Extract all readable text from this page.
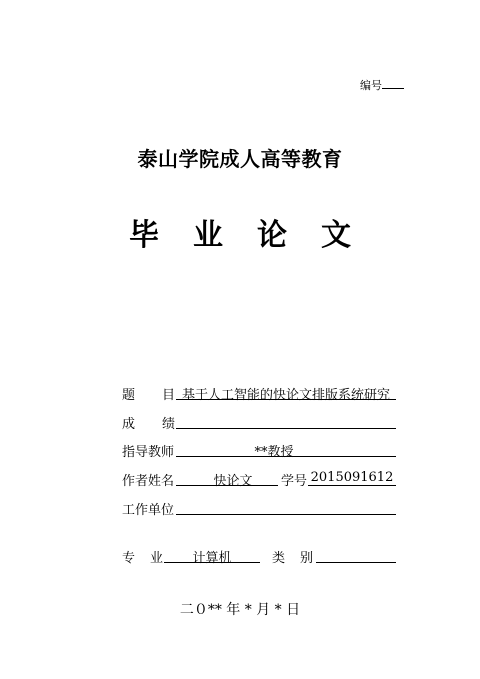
编号
泰山学院成人高等教育
毕 业 论 文
题 目 基于人工智能的快论文排版系统研究
成 绩
指导教师	**教授
作者姓名	快论文	学号 2015091612
工作单位
专 业	计算机	类 别
二０** 年 * 月 * 日
